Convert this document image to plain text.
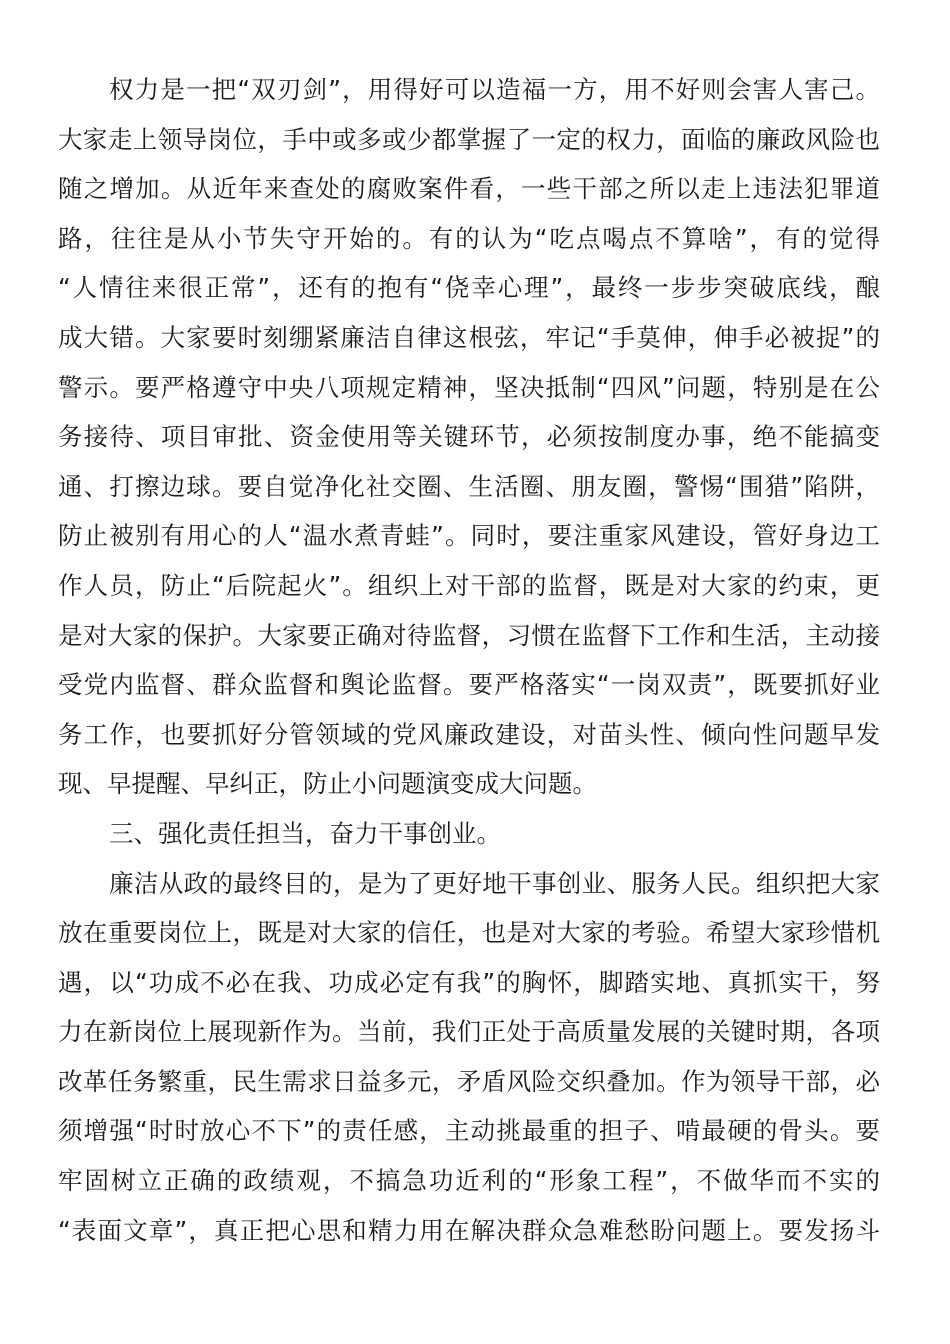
权力是一把“双刃剑”，用得好可以造福一方，用不好则会害人害己。
大家走上领导岗位，手中或多或少都掌握了一定的权力，面临的廉政风险也
随之增加。从近年来查处的腐败案件看，一些干部之所以走上违法犯罪道
路，往往是从小节失守开始的。有的认为“吃点喝点不算啥”，有的觉得
“人情往来很正常”，还有的抱有“侥幸心理”，最终一步步突破底线，酿
成大错。大家要时刻绷紧廉洁自律这根弦，牢记“手莫伸，伸手必被捉”的
警示。要严格遵守中央八项规定精神，坚决抵制“四风”问题，特别是在公
务接待、项目审批、资金使用等关键环节，必须按制度办事，绝不能搞变
通、打擦边球。要自觉净化社交圈、生活圈、朋友圈，警惕“围猎”陷阱，
防止被别有用心的人“温水煮青蛙”。同时，要注重家风建设，管好身边工
作人员，防止“后院起火”。组织上对干部的监督，既是对大家的约束，更
是对大家的保护。大家要正确对待监督，习惯在监督下工作和生活，主动接
受党内监督、群众监督和舆论监督。要严格落实“一岗双责”，既要抓好业
务工作，也要抓好分管领域的党风廉政建设，对苗头性、倾向性问题早发
现、早提醒、早纠正，防止小问题演变成大问题。
三、强化责任担当，奋力干事创业。
廉洁从政的最终目的，是为了更好地干事创业、服务人民。组织把大家
放在重要岗位上，既是对大家的信任，也是对大家的考验。希望大家珍惜机
遇，以“功成不必在我、功成必定有我”的胸怀，脚踏实地、真抓实干，努
力在新岗位上展现新作为。当前，我们正处于高质量发展的关键时期，各项
改革任务繁重，民生需求日益多元，矛盾风险交织叠加。作为领导干部，必
须增强“时时放心不下”的责任感，主动挑最重的担子、啃最硬的骨头。要
牢固树立正确的政绩观，不搞急功近利的“形象工程”，不做华而不实的
“表面文章”，真正把心思和精力用在解决群众急难愁盼问题上。要发扬斗
